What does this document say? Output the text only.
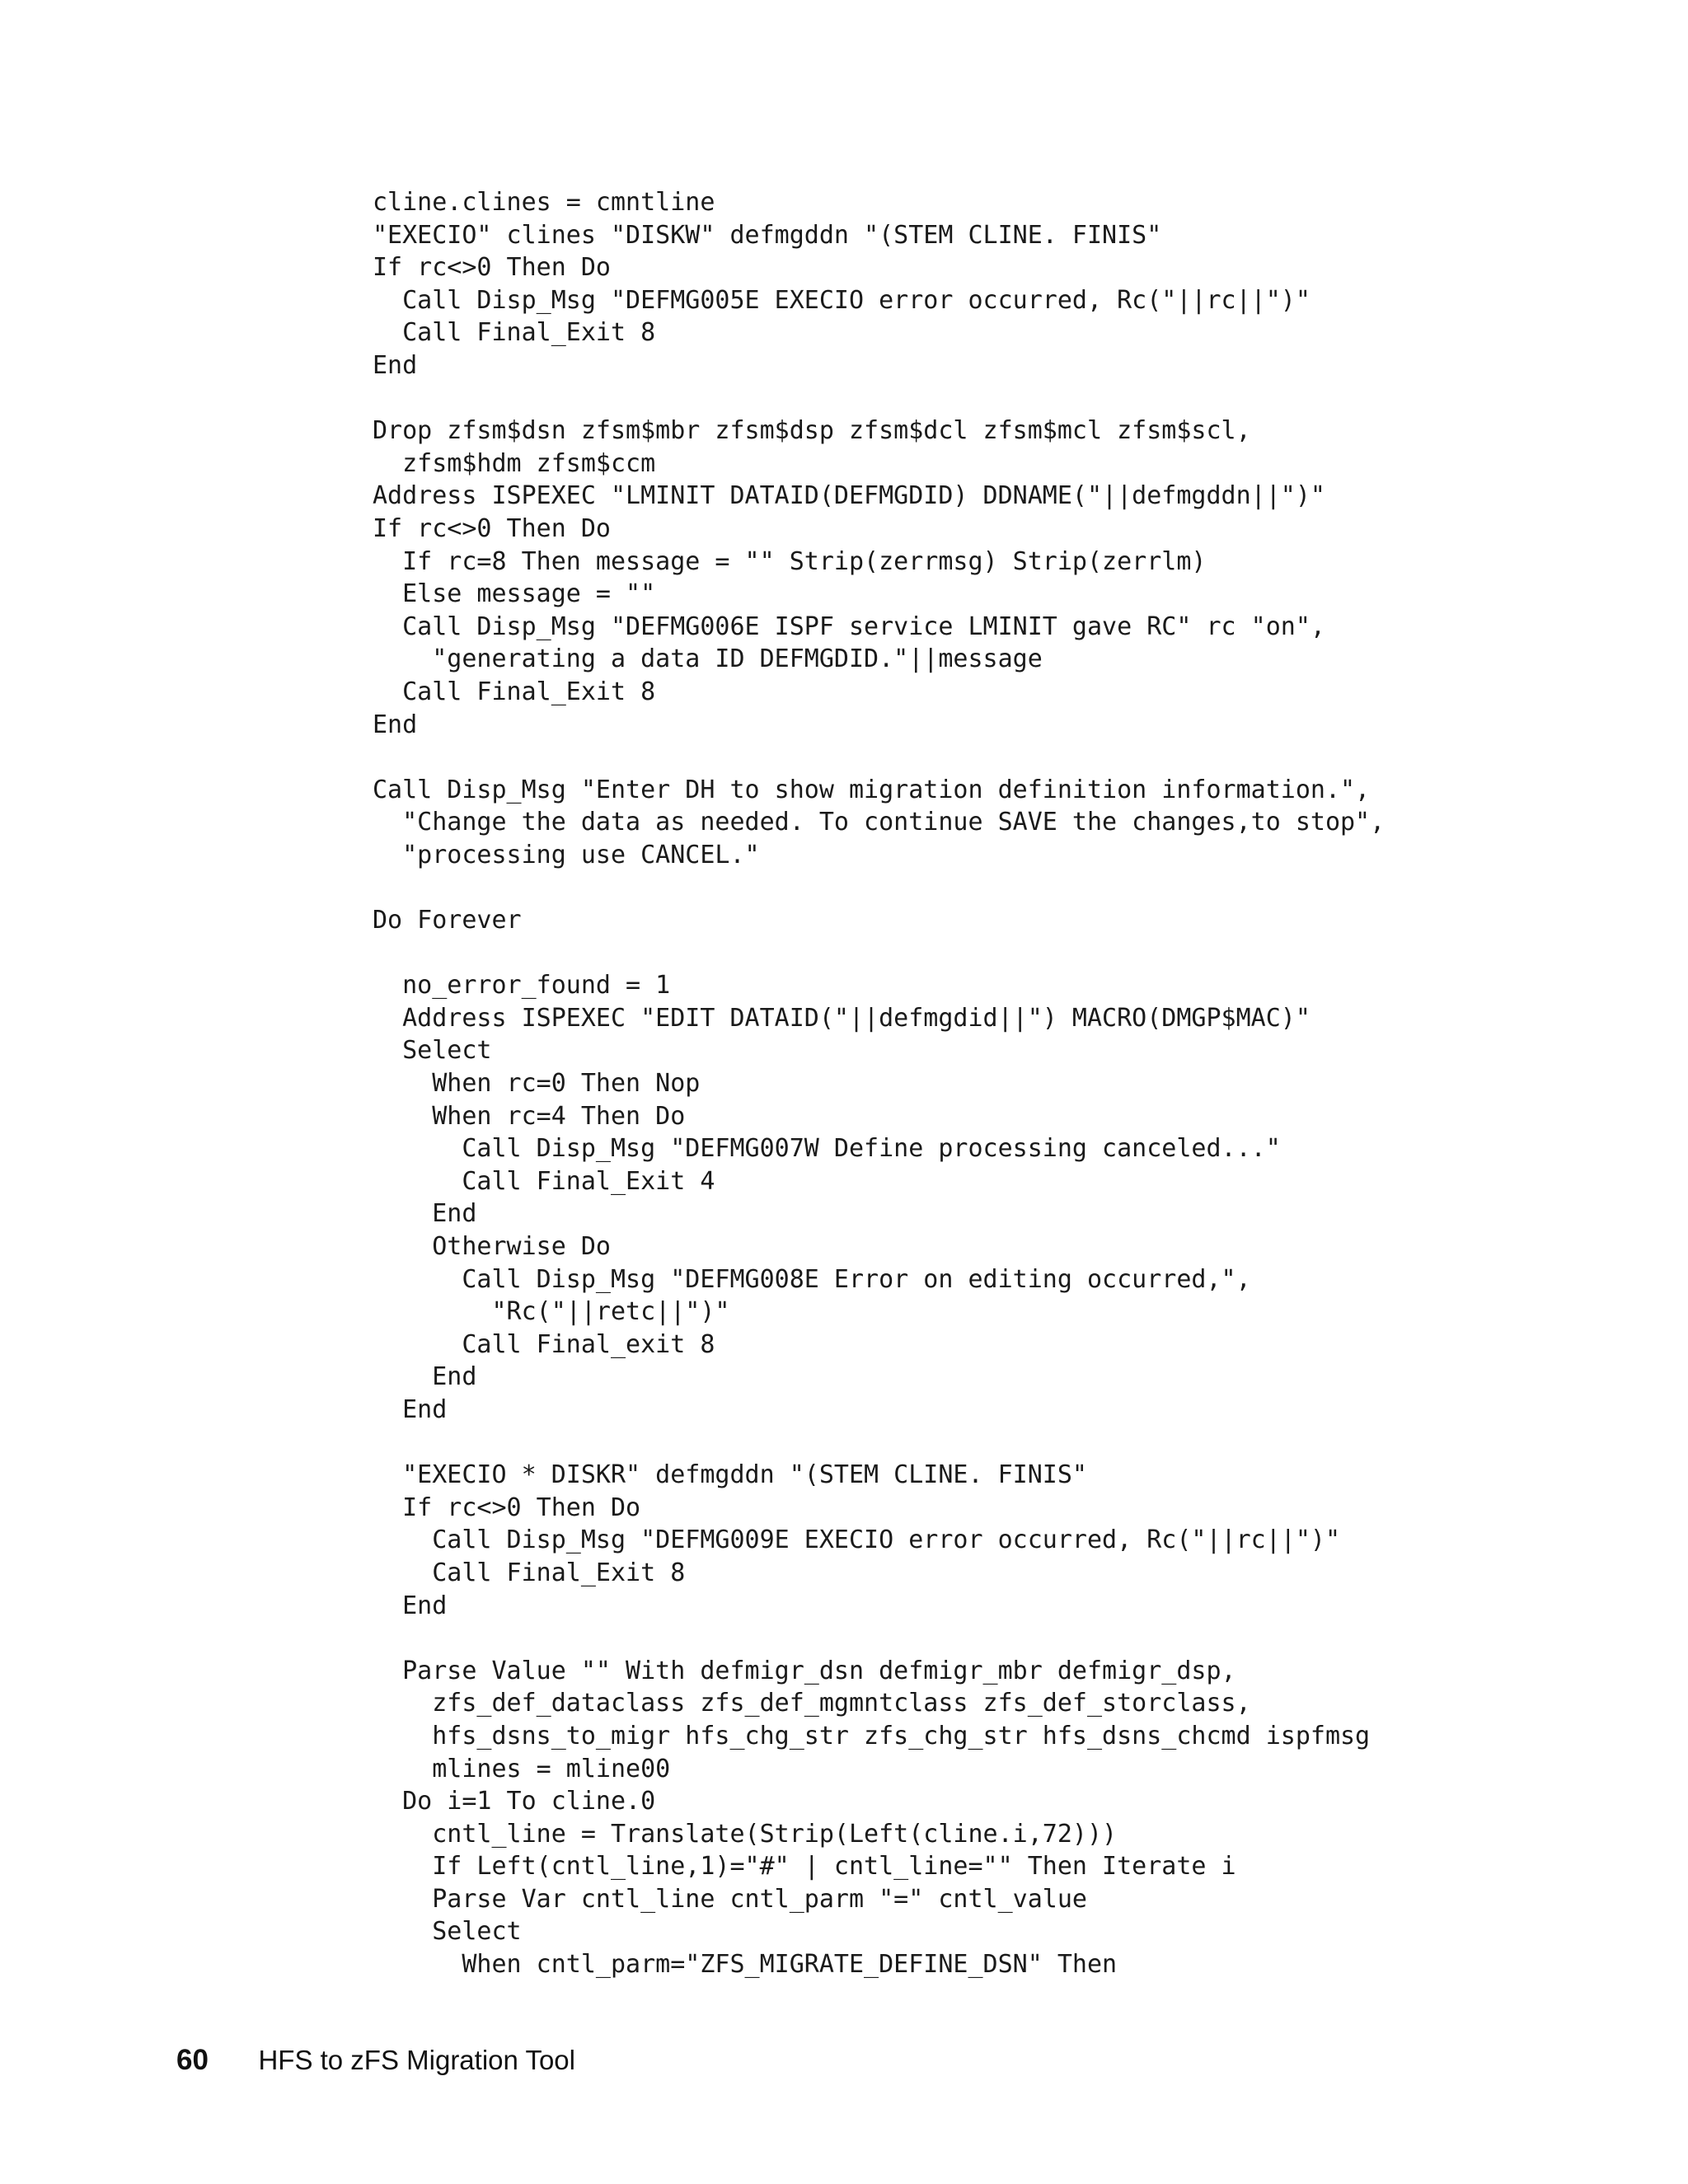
cline.clines = cmntline
"EXECIO" clines "DISKW" defmgddn "(STEM CLINE. FINIS"
If rc<>0 Then Do
Call Disp_Msg "DEFMG005E EXECIO error occurred, Rc("||rc||")"
Call Final_Exit 8
End
Drop zfsm$dsn zfsm$mbr zfsm$dsp zfsm$dcl zfsm$mcl zfsm$scl,
zfsm$hdm zfsm$ccm
Address ISPEXEC "LMINIT DATAID(DEFMGDID) DDNAME("||defmgddn||")"
If rc<>0 Then Do
If rc=8 Then message = "" Strip(zerrmsg) Strip(zerrlm)
Else message = ""
Call Disp_Msg "DEFMG006E ISPF service LMINIT gave RC" rc "on",
"generating a data ID DEFMGDID."||message
Call Final_Exit 8
End
Call Disp_Msg "Enter DH to show migration definition information.",
"Change the data as needed. To continue SAVE the changes,to stop",
"processing use CANCEL."
Do Forever
no_error_found = 1
Address ISPEXEC "EDIT DATAID("||defmgdid||") MACRO(DMGP$MAC)"
Select
When rc=0 Then Nop
When rc=4 Then Do
Call Disp_Msg "DEFMG007W Define processing canceled..."
Call Final_Exit 4
End
Otherwise Do
Call Disp_Msg "DEFMG008E Error on editing occurred,",
"Rc("||retc||")"
Call Final_exit 8
End
End
"EXECIO * DISKR" defmgddn "(STEM CLINE. FINIS"
If rc<>0 Then Do
Call Disp_Msg "DEFMG009E EXECIO error occurred, Rc("||rc||")"
Call Final_Exit 8
End
Parse Value "" With defmigr_dsn defmigr_mbr defmigr_dsp,
zfs_def_dataclass zfs_def_mgmntclass zfs_def_storclass,
hfs_dsns_to_migr hfs_chg_str zfs_chg_str hfs_dsns_chcmd ispfmsg
mlines = mline00
Do i=1 To cline.0
cntl_line = Translate(Strip(Left(cline.i,72)))
If Left(cntl_line,1)="#" | cntl_line="" Then Iterate i
Parse Var cntl_line cntl_parm "=" cntl_value
Select
When cntl_parm="ZFS_MIGRATE_DEFINE_DSN" Then
60 HFS to zFS Migration Tool
